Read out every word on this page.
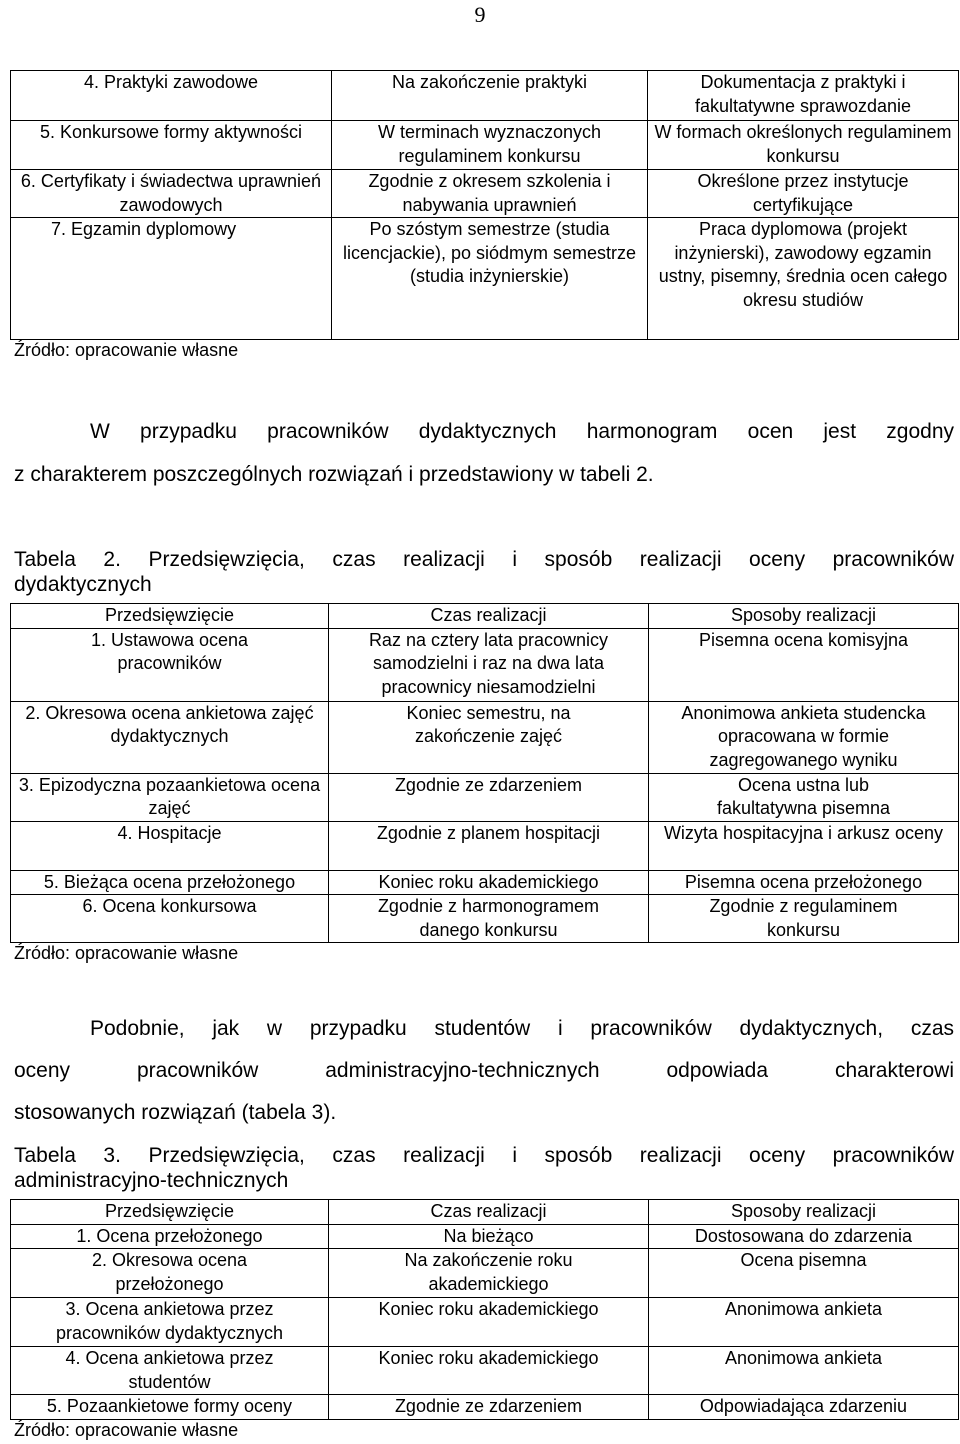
9
4. Praktyki zawodowe	Na zakończenie praktyki	Dokumentacja z praktyki i fakultatywne sprawozdanie
5. Konkursowe formy aktywności	W terminach wyznaczonych regulaminem konkursu	W formach określonych regulaminem konkursu
6. Certyfikaty i świadectwa uprawnień zawodowych	Zgodnie z okresem szkolenia i nabywania uprawnień	Określone przez instytucje certyfikujące
7. Egzamin dyplomowy	Po szóstym semestrze (studia licencjackie), po siódmym semestrze (studia inżynierskie)	Praca dyplomowa (projekt inżynierski), zawodowy egzamin ustny, pisemny, średnia ocen całego okresu studiów
Źródło: opracowanie własne
W przypadku pracowników dydaktycznych harmonogram ocen jest zgodny
z charakterem poszczególnych rozwiązań i przedstawiony w tabeli 2.
Tabela 2. Przedsięwzięcia, czas realizacji i sposób realizacji oceny pracowników
dydaktycznych
Przedsięwzięcie	Czas realizacji	Sposoby realizacji
1. Ustawowa ocena pracowników	Raz na cztery lata pracownicy samodzielni i raz na dwa lata pracownicy niesamodzielni	Pisemna ocena komisyjna
2. Okresowa ocena ankietowa zajęć dydaktycznych	Koniec semestru, na zakończenie zajęć	Anonimowa ankieta studencka opracowana w formie zagregowanego wyniku
3. Epizodyczna pozaankietowa ocena zajęć	Zgodnie ze zdarzeniem	Ocena ustna lub fakultatywna pisemna
4. Hospitacje	Zgodnie z planem hospitacji	Wizyta hospitacyjna i arkusz oceny
5. Bieżąca ocena przełożonego	Koniec roku akademickiego	Pisemna ocena przełożonego
6. Ocena konkursowa	Zgodnie z harmonogramem danego konkursu	Zgodnie z regulaminem konkursu
Źródło: opracowanie własne
Podobnie, jak w przypadku studentów i pracowników dydaktycznych, czas
oceny pracowników administracyjno-technicznych odpowiada charakterowi
stosowanych rozwiązań (tabela 3).
Tabela 3. Przedsięwzięcia, czas realizacji i sposób realizacji oceny pracowników
administracyjno-technicznych
Przedsięwzięcie	Czas realizacji	Sposoby realizacji
1. Ocena przełożonego	Na bieżąco	Dostosowana do zdarzenia
2. Okresowa ocena przełożonego	Na zakończenie roku akademickiego	Ocena pisemna
3. Ocena ankietowa przez pracowników dydaktycznych	Koniec roku akademickiego	Anonimowa ankieta
4. Ocena ankietowa przez studentów	Koniec roku akademickiego	Anonimowa ankieta
5. Pozaankietowe formy oceny	Zgodnie ze zdarzeniem	Odpowiadająca zdarzeniu
Źródło: opracowanie własne
